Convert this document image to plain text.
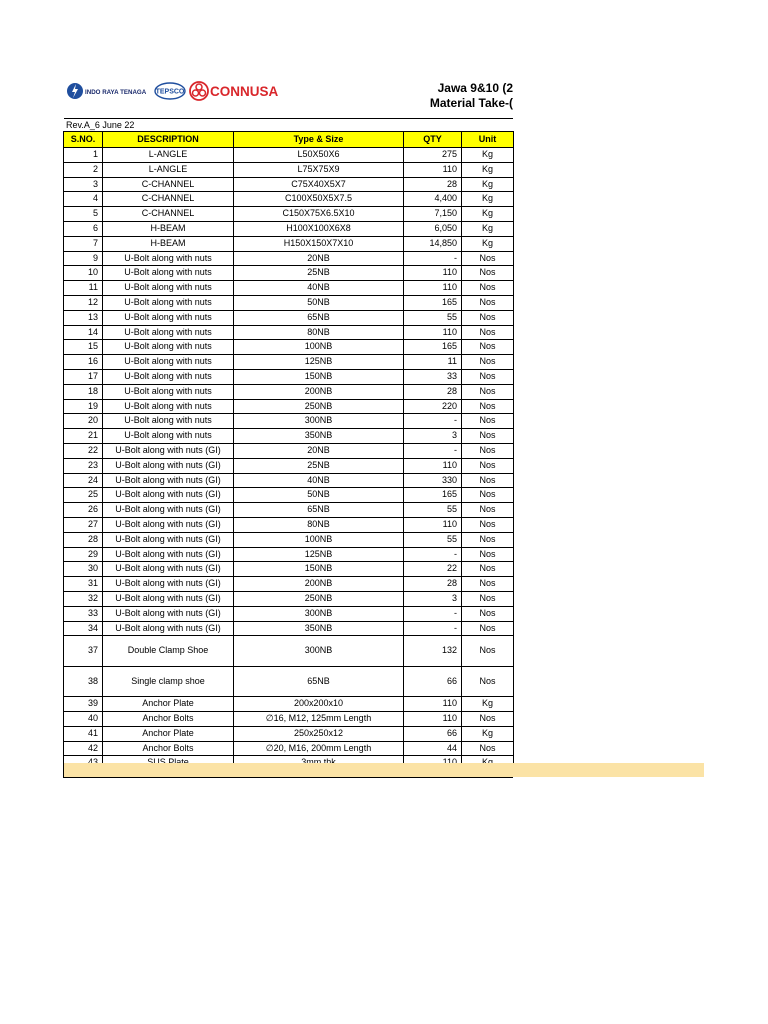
INDO RAYA TENAGA TEPSCO CONNUSA	Jawa 9&10 (2
Material Take-(
Rev.A_6 June 22
S.NO.	DESCRIPTION	Type & Size	QTY	Unit
1	L-ANGLE	L50X50X6	275	Kg
2	L-ANGLE	L75X75X9	110	Kg
3	C-CHANNEL	C75X40X5X7	28	Kg
4	C-CHANNEL	C100X50X5X7.5	4,400	Kg
5	C-CHANNEL	C150X75X6.5X10	7,150	Kg
6	H-BEAM	H100X100X6X8	6,050	Kg
7	H-BEAM	H150X150X7X10	14,850	Kg
9	U-Bolt along with nuts	20NB	-	Nos
10	U-Bolt along with nuts	25NB	110	Nos
11	U-Bolt along with nuts	40NB	110	Nos
12	U-Bolt along with nuts	50NB	165	Nos
13	U-Bolt along with nuts	65NB	55	Nos
14	U-Bolt along with nuts	80NB	110	Nos
15	U-Bolt along with nuts	100NB	165	Nos
16	U-Bolt along with nuts	125NB	11	Nos
17	U-Bolt along with nuts	150NB	33	Nos
18	U-Bolt along with nuts	200NB	28	Nos
19	U-Bolt along with nuts	250NB	220	Nos
20	U-Bolt along with nuts	300NB	-	Nos
21	U-Bolt along with nuts	350NB	3	Nos
22	U-Bolt along with nuts (GI)	20NB	-	Nos
23	U-Bolt along with nuts (GI)	25NB	110	Nos
24	U-Bolt along with nuts (GI)	40NB	330	Nos
25	U-Bolt along with nuts (GI)	50NB	165	Nos
26	U-Bolt along with nuts (GI)	65NB	55	Nos
27	U-Bolt along with nuts (GI)	80NB	110	Nos
28	U-Bolt along with nuts (GI)	100NB	55	Nos
29	U-Bolt along with nuts (GI)	125NB	-	Nos
30	U-Bolt along with nuts (GI)	150NB	22	Nos
31	U-Bolt along with nuts (GI)	200NB	28	Nos
32	U-Bolt along with nuts (GI)	250NB	3	Nos
33	U-Bolt along with nuts (GI)	300NB	-	Nos
34	U-Bolt along with nuts (GI)	350NB	-	Nos
37	Double Clamp Shoe	300NB	132	Nos
38	Single clamp shoe	65NB	66	Nos
39	Anchor Plate	200x200x10	110	Kg
40	Anchor Bolts	∅16, M12, 125mm Length	110	Nos
41	Anchor Plate	250x250x12	66	Kg
42	Anchor Bolts	∅20, M16, 200mm Length	44	Nos
